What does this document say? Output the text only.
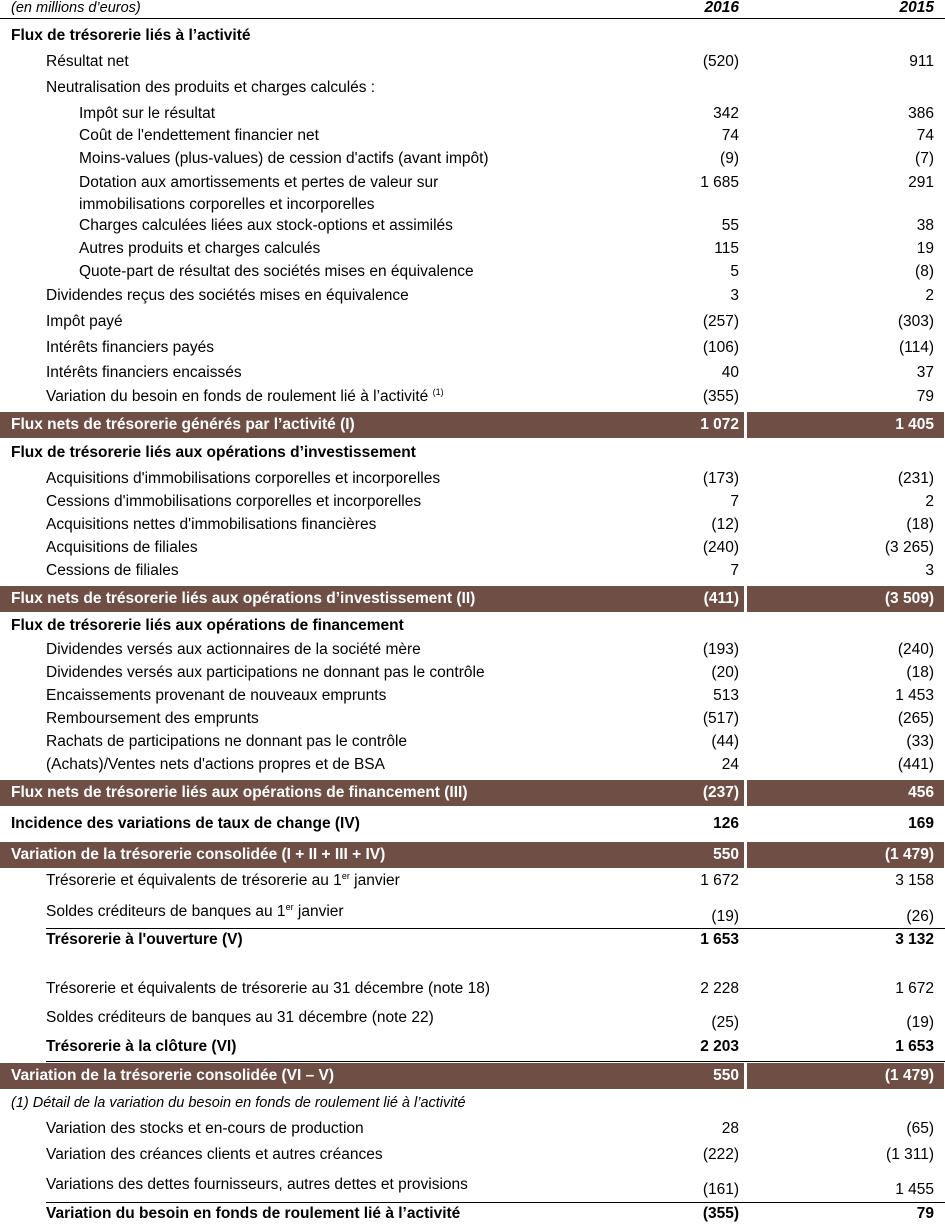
(en millions d’euros)	2016	2015
Flux de trésorerie liés à l’activité
Résultat net	(520)	911
Neutralisation des produits et charges calculés :
Impôt sur le résultat	342	386
Coût de l'endettement financier net	74	74
Moins-values (plus-values) de cession d'actifs (avant impôt)	(9)	(7)
Dotation aux amortissements et pertes de valeur sur	1 685	291
immobilisations corporelles et incorporelles
Charges calculées liées aux stock-options et assimilés	55	38
Autres produits et charges calculés	115	19
Quote-part de résultat des sociétés mises en équivalence	5	(8)
Dividendes reçus des sociétés mises en équivalence	3	2
Impôt payé	(257)	(303)
Intérêts financiers payés	(106)	(114)
Intérêts financiers encaissés	40	37
Variation du besoin en fonds de roulement lié à l’activité $^{(1)}$	(355)	79
Flux nets de trésorerie générés par l’activité (I)	1 072	1 405
Flux de trésorerie liés aux opérations d’investissement
Acquisitions d'immobilisations corporelles et incorporelles	(173)	(231)
Cessions d'immobilisations corporelles et incorporelles	7	2
Acquisitions nettes d'immobilisations financières	(12)	(18)
Acquisitions de filiales	(240)	(3 265)
Cessions de filiales	7	3
Flux nets de trésorerie liés aux opérations d’investissement (II)	(411)	(3 509)
Flux de trésorerie liés aux opérations de financement
Dividendes versés aux actionnaires de la société mère	(193)	(240)
Dividendes versés aux participations ne donnant pas le contrôle	(20)	(18)
Encaissements provenant de nouveaux emprunts	513	1 453
Remboursement des emprunts	(517)	(265)
Rachats de participations ne donnant pas le contrôle	(44)	(33)
(Achats)/Ventes nets d'actions propres et de BSA	24	(441)
Flux nets de trésorerie liés aux opérations de financement (III)	(237)	456
Incidence des variations de taux de change (IV)	126	169
Variation de la trésorerie consolidée (I + II + III + IV)	550	(1 479)
Trésorerie et équivalents de trésorerie au 1er janvier	1 672	3 158
Soldes créditeurs de banques au 1er janvier	(19)	(26)
Trésorerie à l'ouverture (V)	1 653	3 132
Trésorerie et équivalents de trésorerie au 31 décembre (note 18)	2 228	1 672
Soldes créditeurs de banques au 31 décembre (note 22)	(25)	(19)
Trésorerie à la clôture (VI)	2 203	1 653
Variation de la trésorerie consolidée (VI – V)	550	(1 479)
(1) Détail de la variation du besoin en fonds de roulement lié à l’activité
Variation des stocks et en-cours de production	28	(65)
Variation des créances clients et autres créances	(222)	(1 311)
Variations des dettes fournisseurs, autres dettes et provisions	(161)	1 455
Variation du besoin en fonds de roulement lié à l’activité	(355)	79
